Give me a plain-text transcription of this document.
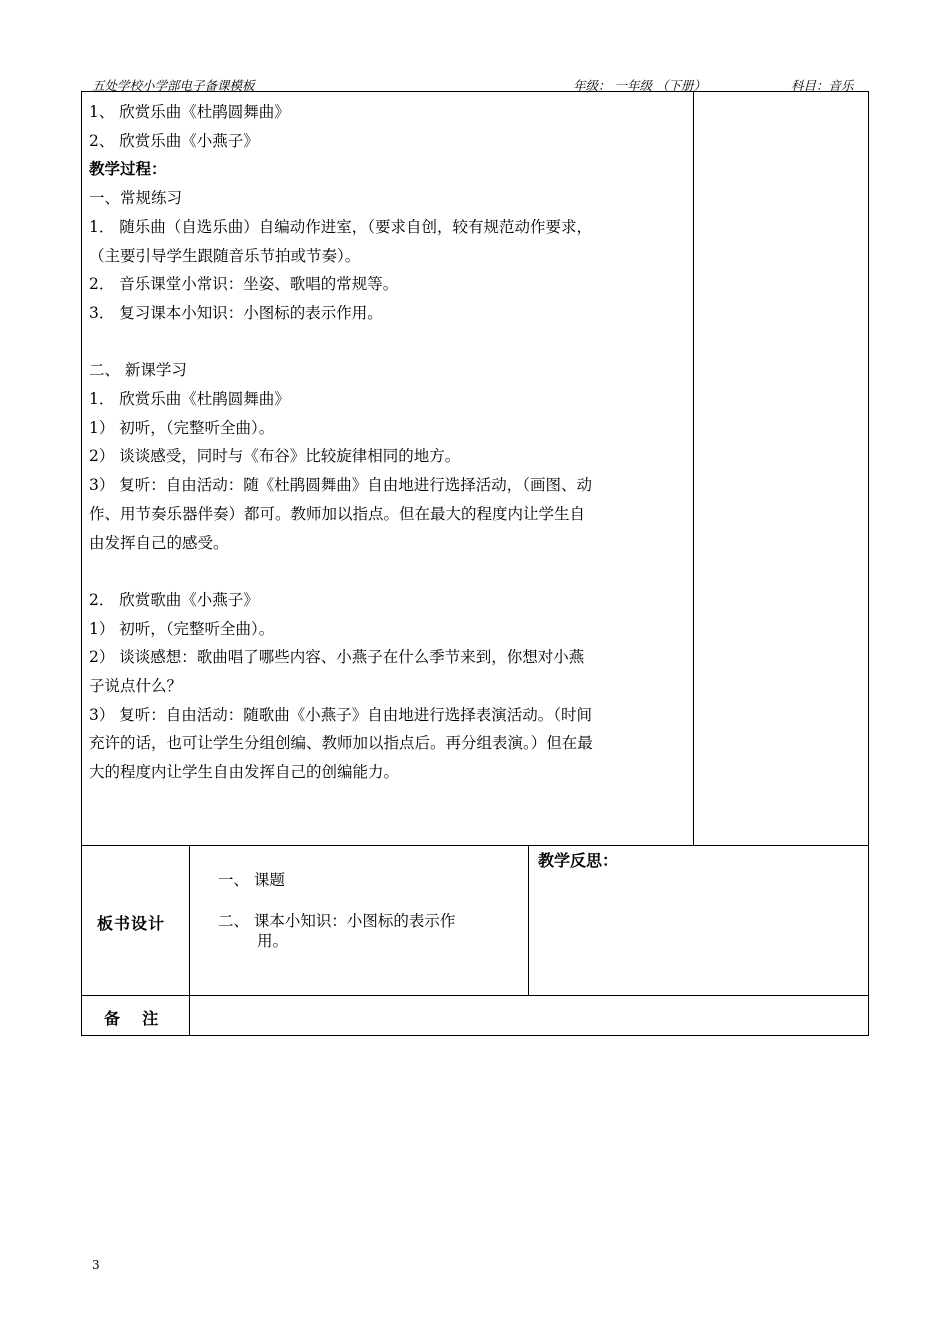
五处学校小学部电子备课模板	年级： 一年级 （下册）	科目：音乐

1、 欣赏乐曲《杜鹃圆舞曲》

2、 欣赏乐曲《小燕子》

教学过程：

一、常规练习

1． 随乐曲（自选乐曲）自编动作进室，（要求自创，较有规范动作要求，

（主要引导学生跟随音乐节拍或节奏）。

2． 音乐课堂小常识：坐姿、歌唱的常规等。

3． 复习课本小知识：小图标的表示作用。

二、 新课学习

1． 欣赏乐曲《杜鹃圆舞曲》

1） 初听，（完整听全曲）。

2） 谈谈感受，同时与《布谷》比较旋律相同的地方。

3） 复听：自由活动：随《杜鹃圆舞曲》自由地进行选择活动，（画图、动

作、用节奏乐器伴奏）都可。教师加以指点。但在最大的程度内让学生自

由发挥自己的感受。

2． 欣赏歌曲《小燕子》

1） 初听，（完整听全曲）。

2） 谈谈感想：歌曲唱了哪些内容、小燕子在什么季节来到，你想对小燕

子说点什么？

3） 复听：自由活动：随歌曲《小燕子》自由地进行选择表演活动。（时间

充许的话，也可让学生分组创编、教师加以指点后。再分组表演。）但在最

大的程度内让学生自由发挥自己的创编能力。

板书设计
一、 课题
二、 课本小知识：小图标的表示作
用。
教学反思：
备    注
3
